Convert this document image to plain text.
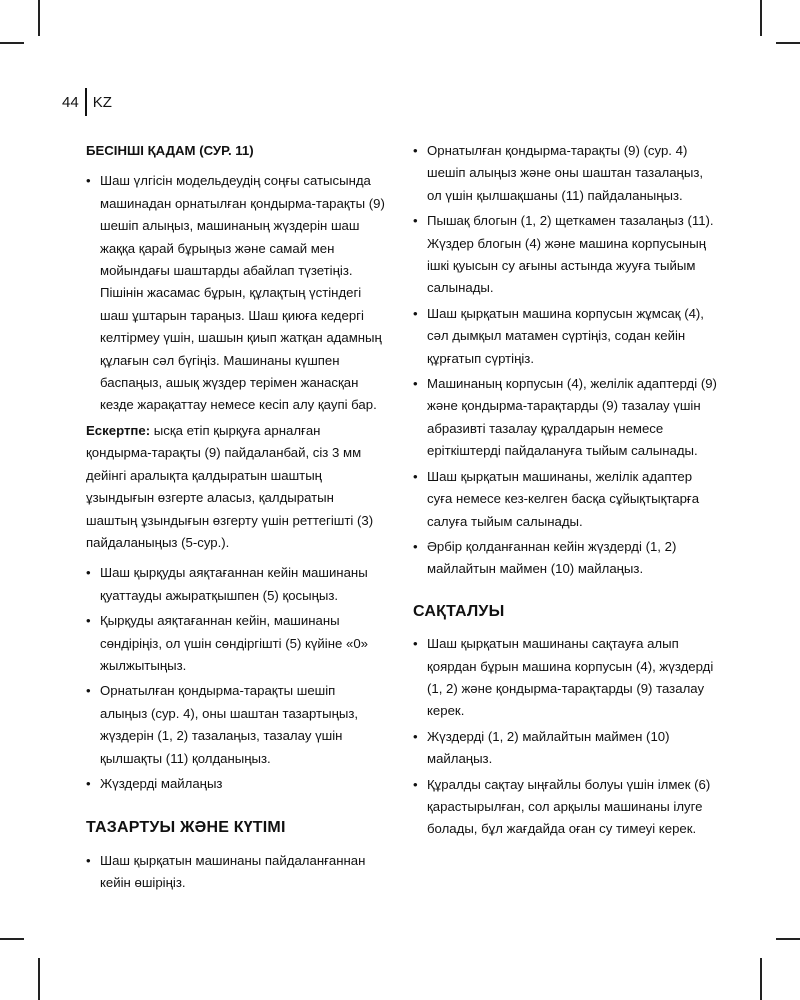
44 KZ
БЕСІНШІ ҚАДАМ (СУР. 11)
• Шаш үлгісін модельдеудің соңғы сатысында машинадан орнатылған қондырма-тарақты (9) шешіп алыңыз, машинаның жүздерін шаш жаққа қарай бұрыңыз және самай мен мойындағы шаштарды абайлап түзетіңіз. Пішінін жасамас бұрын, құлақтың үстіндегі шаш ұштарын тараңыз. Шаш қиюға кедергі келтірмеу үшін, шашын қиып жатқан адамның құлағын сәл бүгіңіз. Машинаны күшпен баспаңыз, ашық жүздер терімен жанасқан кезде жарақаттау немесе кесіп алу қаупі бар.

Ескертпе: ысқа етіп қырқуға арналған қондырма-тарақты (9) пайдаланбай, сіз 3 мм дейінгі аралықта қалдыратын шаштың ұзындығын өзгерте аласыз, қалдыратын шаштың ұзындығын өзгерту үшін реттегішті (3) пайдаланыңыз (5-сур.).

• Шаш қырқуды аяқтағаннан кейін машинаны қуаттауды ажыратқышпен (5) қосыңыз.
• Қырқуды аяқтағаннан кейін, машинаны сөндіріңіз, ол үшін сөндіргішті (5) күйіне «0» жылжытыңыз.
• Орнатылған қондырма-тарақты шешіп алыңыз (сур. 4), оны шаштан тазартыңыз, жүздерін (1, 2) тазалаңыз, тазалау үшін қылшақты (11) қолданыңыз.
• Жүздерді майлаңыз
ТАЗАРТУЫ ЖӘНЕ КҮТІМІ
• Шаш қырқатын машинаны пайдаланғаннан кейін өшіріңіз.
• Орнатылған қондырма-тарақты (9) (сур. 4) шешіп алыңыз және оны шаштан тазалаңыз, ол үшін қылшақшаны (11) пайдаланыңыз.
• Пышақ блогын (1, 2) щеткамен тазалаңыз (11). Жүздер блогын (4) және машина корпусының ішкі қуысын су ағыны астында жууға тыйым салынады.
• Шаш қырқатын машина корпусын жұмсақ (4), сәл дымқыл матамен сүртіңіз, содан кейін құрғатып сүртіңіз.
• Машинаның корпусын (4), желілік адаптерді (9) және қондырма-тарақтарды (9) тазалау үшін абразивті тазалау құралдарын немесе еріткіштерді пайдалануға тыйым салынады.
• Шаш қырқатын машинаны, желілік адаптер суға немесе кез-келген басқа сұйықтықтарға салуға тыйым салынады.
• Әрбір қолданғаннан кейін жүздерді (1, 2) майлайтын маймен (10) майлаңыз.
САҚТАЛУЫ
• Шаш қырқатын машинаны сақтауға алып қоярдан бұрын машина корпусын (4), жүздерді (1, 2) және қондырма-тарақтарды (9) тазалау керек.
• Жүздерді (1, 2) майлайтын маймен (10) майлаңыз.
• Құралды сақтау ыңғайлы болуы үшін ілмек (6) қарастырылған, сол арқылы машинаны ілуге болады, бұл жағдайда оған су тимеуі керек.
